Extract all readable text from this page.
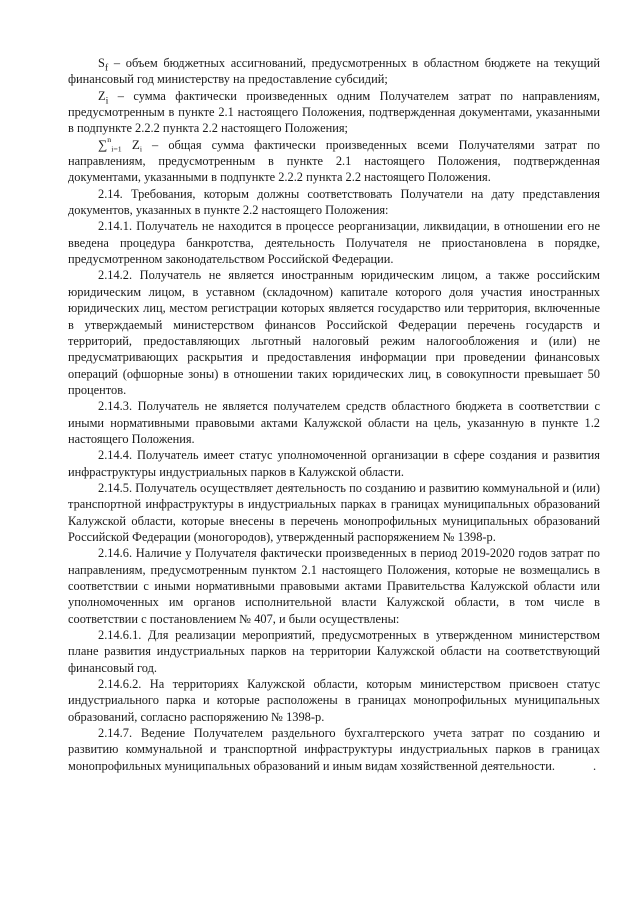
$S_f$ – объем бюджетных ассигнований, предусмотренных в областном бюджете на текущий финансовый год министерству на предоставление субсидий;

$Z_i$ – сумма фактически произведенных одним Получателем затрат по направлениям, предусмотренным в пункте 2.1 настоящего Положения, подтвержденная документами, указанными в подпункте 2.2.2 пункта 2.2 настоящего Положения;

∑$^n_{i=1}$ $Z_i$ – общая сумма фактически произведенных всеми Получателями затрат по направлениям, предусмотренным в пункте 2.1 настоящего Положения, подтвержденная документами, указанными в подпункте 2.2.2 пункта 2.2 настоящего Положения.

2.14. Требования, которым должны соответствовать Получатели на дату представления документов, указанных в пункте 2.2 настоящего Положения:

2.14.1. Получатель не находится в процессе реорганизации, ликвидации, в отношении его не введена процедура банкротства, деятельность Получателя не приостановлена в порядке, предусмотренном законодательством Российской Федерации.

2.14.2. Получатель не является иностранным юридическим лицом, а также российским юридическим лицом, в уставном (складочном) капитале которого доля участия иностранных юридических лиц, местом регистрации которых является государство или территория, включенные в утверждаемый министерством финансов Российской Федерации перечень государств и территорий, предоставляющих льготный налоговый режим налогообложения и (или) не предусматривающих раскрытия и предоставления информации при проведении финансовых операций (офшорные зоны) в отношении таких юридических лиц, в совокупности превышает 50 процентов.

2.14.3. Получатель не является получателем средств областного бюджета в соответствии с иными нормативными правовыми актами Калужской области на цель, указанную в пункте 1.2 настоящего Положения.

2.14.4. Получатель имеет статус уполномоченной организации в сфере создания и развития инфраструктуры индустриальных парков в Калужской области.

2.14.5. Получатель осуществляет деятельность по созданию и развитию коммунальной и (или) транспортной инфраструктуры в индустриальных парках в границах муниципальных образований Калужской области, которые внесены в перечень монопрофильных муниципальных образований Российской Федерации (моногородов), утвержденный распоряжением № 1398-р.

2.14.6. Наличие у Получателя фактически произведенных в период 2019-2020 годов затрат по направлениям, предусмотренным пунктом 2.1 настоящего Положения, которые не возмещались в соответствии с иными нормативными правовыми актами Правительства Калужской области или уполномоченных им органов исполнительной власти Калужской области, в том числе в соответствии с постановлением № 407, и были осуществлены:

2.14.6.1. Для реализации мероприятий, предусмотренных в утвержденном министерством плане развития индустриальных парков на территории Калужской области на соответствующий финансовый год.

2.14.6.2. На территориях Калужской области, которым министерством присвоен статус индустриального парка и которые расположены в границах монопрофильных муниципальных образований, согласно распоряжению № 1398-р.

2.14.7. Ведение Получателем раздельного бухгалтерского учета затрат по созданию и развитию коммунальной и транспортной инфраструктуры индустриальных парков в границах монопрофильных муниципальных образований и иным видам хозяйственной деятельности.	.
